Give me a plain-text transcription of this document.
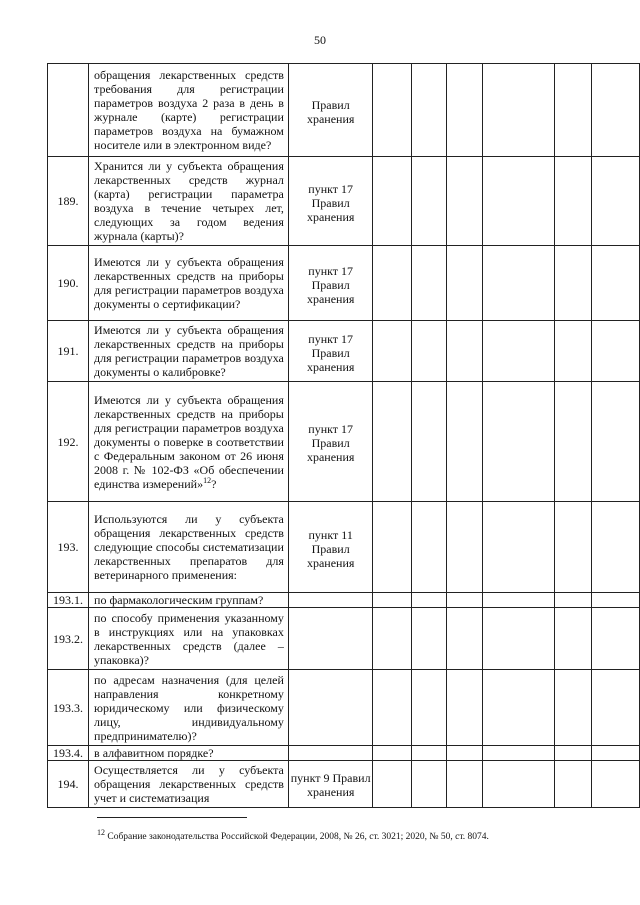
50
	обращения лекарственных средств требования для регистрации параметров воздуха 2 раза в день в журнале (карте) регистрации параметров воздуха на бумажном носителе или в электронном виде?	Правил хранения						
189.	Хранится ли у субъекта обращения лекарственных средств журнал (карта) регистрации параметра воздуха в течение четырех лет, следующих за годом ведения журнала (карты)?	пункт 17 Правил хранения						
190.	Имеются ли у субъекта обращения лекарственных средств на приборы для регистрации параметров воздуха документы о сертификации?	пункт 17 Правил хранения						
191.	Имеются ли у субъекта обращения лекарственных средств на приборы для регистрации параметров воздуха документы о калибровке?	пункт 17 Правил хранения						
192.	Имеются ли у субъекта обращения лекарственных средств на приборы для регистрации параметров воздуха документы о поверке в соответствии с Федеральным законом от 26 июня 2008 г. № 102-ФЗ «Об обеспечении единства измерений»$^{12}$?	пункт 17 Правил хранения						
193.	Используются ли у субъекта обращения лекарственных средств следующие способы систематизации лекарственных препаратов для ветеринарного применения:	пункт 11 Правил хранения						
193.1.	по фармакологическим группам?							
193.2.	по способу применения указанному в инструкциях или на упаковках лекарственных средств (далее – упаковка)?							
193.3.	по адресам назначения (для целей направления конкретному юридическому или физическому лицу, индивидуальному предпринимателю)?							
193.4.	в алфавитном порядке?							
194.	Осуществляется ли у субъекта обращения лекарственных средств учет и систематизация	пункт 9 Правил хранения						
$^{12}$ Собрание законодательства Российской Федерации, 2008, № 26, ст. 3021; 2020, № 50, ст. 8074.
